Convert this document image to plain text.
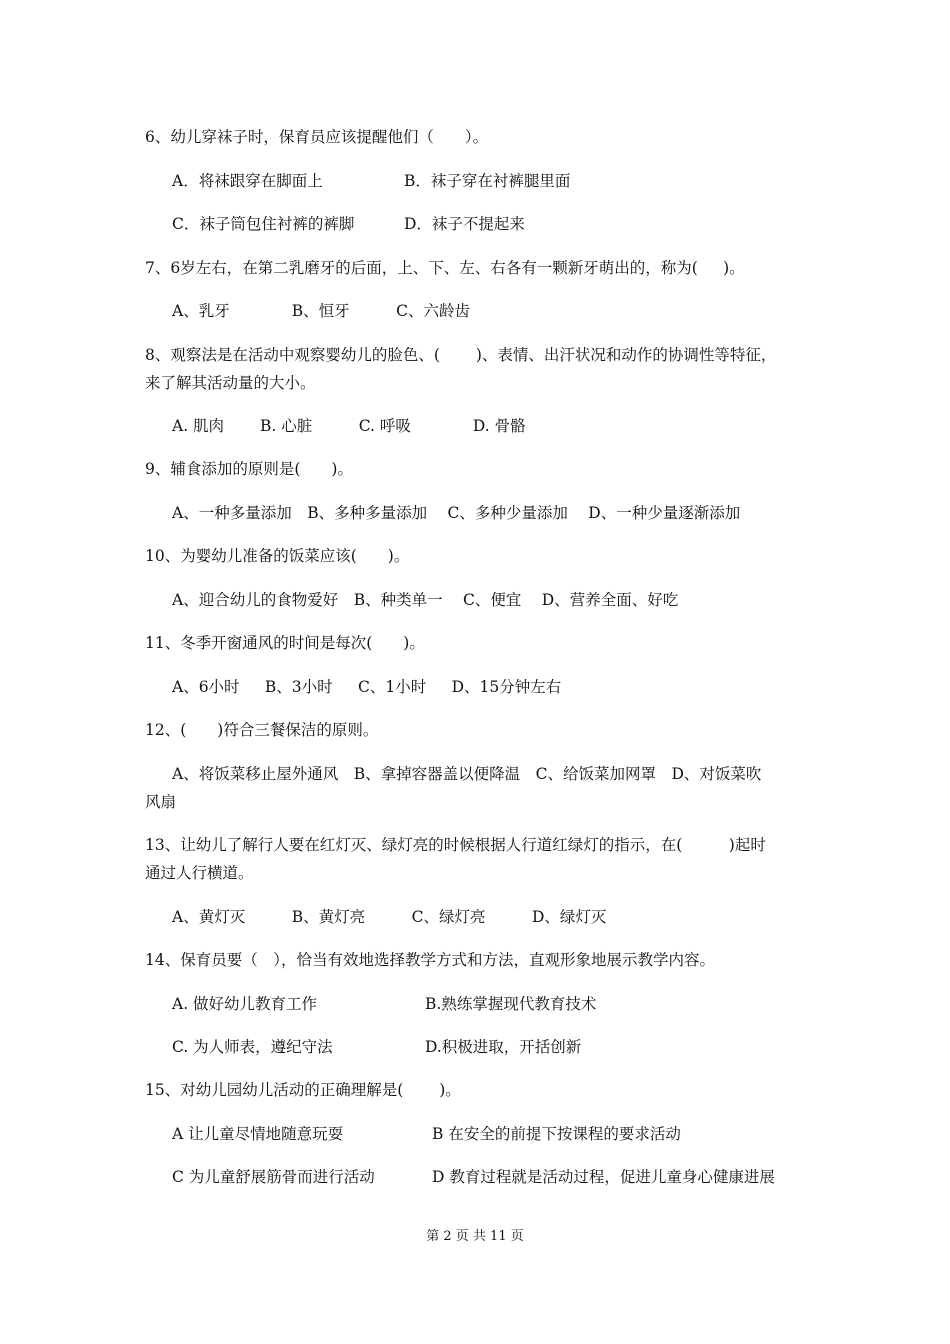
6、幼儿穿袜子时，保育员应该提醒他们（　　）。
A．将袜跟穿在脚面上	B．袜子穿在衬裤腿里面
C．袜子筒包住衬裤的裤脚	D．袜子不提起来
7、6岁左右，在第二乳磨牙的后面，上、下、左、右各有一颗新牙萌出的，称为(　  )。
A、乳牙　　　　B、恒牙　　　C、六龄齿
8、观察法是在活动中观察婴幼儿的脸色、(　　 )、表情、出汗状况和动作的协调性等特征，
来了解其活动量的大小。
A. 肌肉　　 B. 心脏　　　C. 呼吸　　　　D. 骨骼
9、辅食添加的原则是(　　)。
A、一种多量添加　B、多种多量添加　 C、多种少量添加　 D、一种少量逐渐添加
10、为婴幼儿准备的饭菜应该(　　)。
A、迎合幼儿的食物爱好　B、种类单一　 C、便宜　 D、营养全面、好吃
11、冬季开窗通风的时间是每次(　　)。
A、6小时　  B、3小时　  C、1小时　  D、15分钟左右
12、(　　)符合三餐保洁的原则。
A、将饭菜移止屋外通风　B、拿掉容器盖以便降温　C、给饭菜加网罩　D、对饭菜吹
风扇
13、让幼儿了解行人要在红灯灭、绿灯亮的时候根据人行道红绿灯的指示，在(　　　)起时
通过人行横道。
A、黄灯灭　　　B、黄灯亮　　　C、绿灯亮　　　D、绿灯灭
14、保育员要（　），恰当有效地选择教学方式和方法，直观形象地展示教学内容。
A. 做好幼儿教育工作	B.熟练掌握现代教育技术
C. 为人师表，遵纪守法	D.积极进取，开括创新
15、对幼儿园幼儿活动的正确理解是(　　 )。
A 让儿童尽情地随意玩耍	B 在安全的前提下按课程的要求活动
C 为儿童舒展筋骨而进行活动	D 教育过程就是活动过程，促进儿童身心健康进展
第 2 页 共 11 页
